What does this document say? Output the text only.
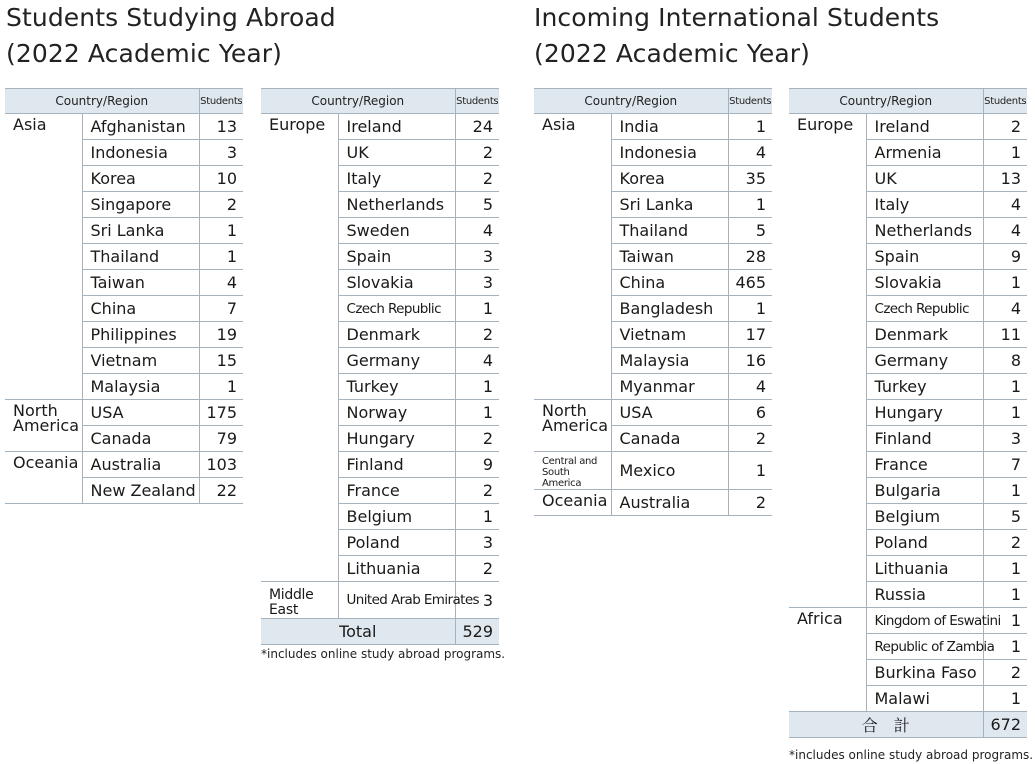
Students Studying Abroad
(2022 Academic Year)
Incoming International Students
(2022 Academic Year)
Country/Region		Students
Asia	Afghanistan	13
	Indonesia	3
	Korea	10
	Singapore	2
	Sri Lanka	1
	Thailand	1
	Taiwan	4
	China	7
	Philippines	19
	Vietnam	15
	Malaysia	1
North America	USA	175
	Canada	79
Oceania	Australia	103
	New Zealand	22
Country/Region		Students
Europe	Ireland	24
	UK	2
	Italy	2
	Netherlands	5
	Sweden	4
	Spain	3
	Slovakia	3
	Czech Republic	1
	Denmark	2
	Germany	4
	Turkey	1
	Norway	1
	Hungary	2
	Finland	9
	France	2
	Belgium	1
	Poland	3
	Lithuania	2
Middle East	United Arab Emirates	3
Total		529
Country/Region		Students
Asia	India	1
	Indonesia	4
	Korea	35
	Sri Lanka	1
	Thailand	5
	Taiwan	28
	China	465
	Bangladesh	1
	Vietnam	17
	Malaysia	16
	Myanmar	4
North America	USA	6
	Canada	2
Central and South America	Mexico	1
Oceania	Australia	2
Country/Region		Students
Europe	Ireland	2
	Armenia	1
	UK	13
	Italy	4
	Netherlands	4
	Spain	9
	Slovakia	1
	Czech Republic	4
	Denmark	11
	Germany	8
	Turkey	1
	Hungary	1
	Finland	3
	France	7
	Bulgaria	1
	Belgium	5
	Poland	2
	Lithuania	1
	Russia	1
Africa	Kingdom of Eswatini	1
	Republic of Zambia	1
	Burkina Faso	2
	Malawi	1
合　計		672
*includes online study abroad programs.
*includes online study abroad programs.
